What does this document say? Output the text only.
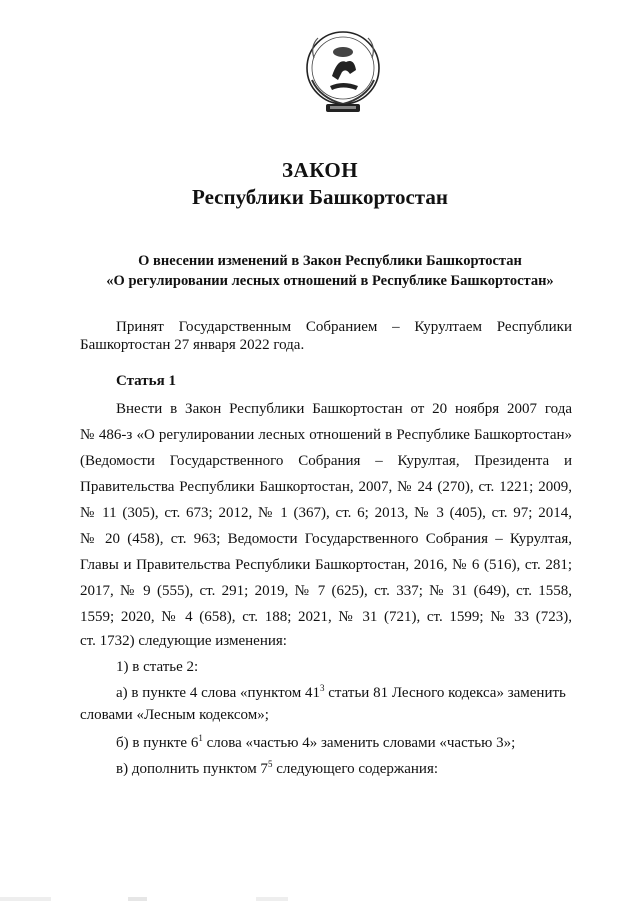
ЗАКОН
Республики Башкортостан
О внесении изменений в Закон Республики Башкортостан
«О регулировании лесных отношений в Республике Башкортостан»
Принят Государственным Собранием – Курултаем Республики
Башкортостан 27 января 2022 года.
Статья 1
Внести в Закон Республики Башкортостан от 20 ноября 2007 года
№ 486-з «О регулировании лесных отношений в Республике Башкортостан»
(Ведомости Государственного Собрания – Курултая, Президента и
Правительства Республики Башкортостан, 2007, № 24 (270), ст. 1221; 2009,
№ 11 (305), ст. 673; 2012, № 1 (367), ст. 6; 2013, № 3 (405), ст. 97; 2014,
№ 20 (458), ст. 963; Ведомости Государственного Собрания – Курултая,
Главы и Правительства Республики Башкортостан, 2016, № 6 (516), ст. 281;
2017, № 9 (555), ст. 291; 2019, № 7 (625), ст. 337; № 31 (649), ст. 1558,
1559; 2020, № 4 (658), ст. 188; 2021, № 31 (721), ст. 1599; № 33 (723),
ст. 1732) следующие изменения:
1) в статье 2:
а) в пункте 4 слова «пунктом $41^3$ статьи 81 Лесного кодекса» заменить
словами «Лесным кодексом»;
б) в пункте $6^1$ слова «частью 4» заменить словами «частью 3»;
в) дополнить пунктом $7^5$ следующего содержания:
